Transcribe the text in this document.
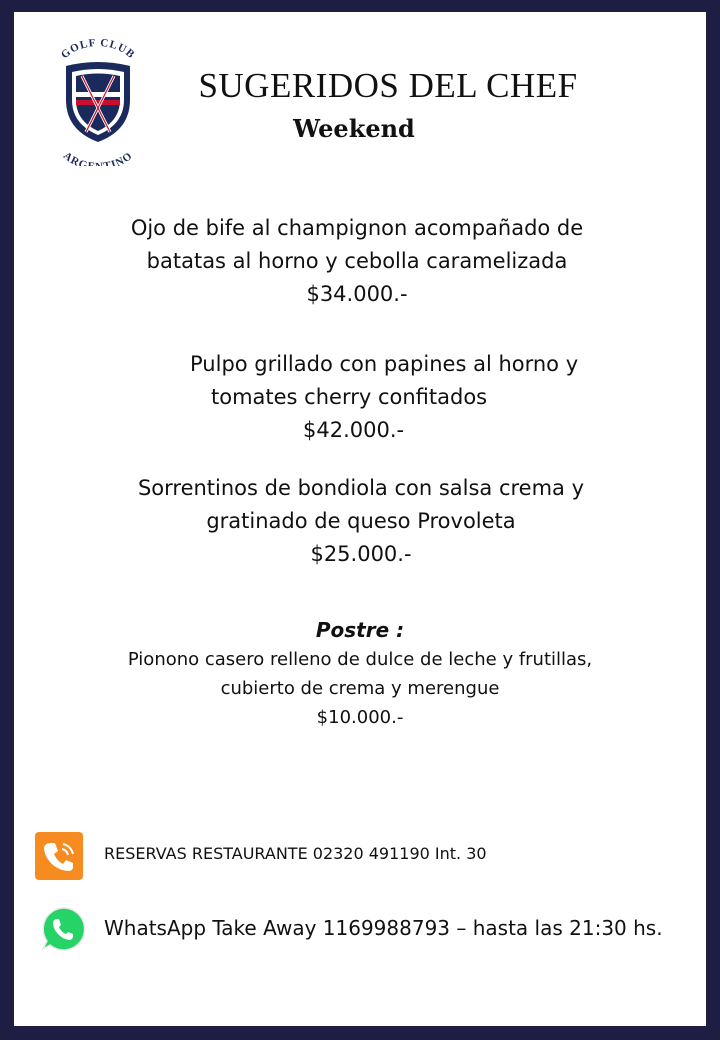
GOLF CLUB
ARG INO
SUGERIDOS DEL CHEF
Weekend
Ojo de bife al champignon acompañado de
batatas al horno y cebolla caramelizada
$34.000.-
Pulpo grillado con papines al horno y
tomates cherry confitados
$42.000.-
Sorrentinos de bondiola con salsa crema y
gratinado de queso Provoleta
$25.000.-
Postre :
Pionono casero relleno de dulce de leche y frutillas,
cubierto de crema y merengue
$10.000.-
RESERVAS RESTAURANTE 02320 491190 Int. 30
WhatsApp Take Away 1169988793 – hasta las 21:30 hs.
